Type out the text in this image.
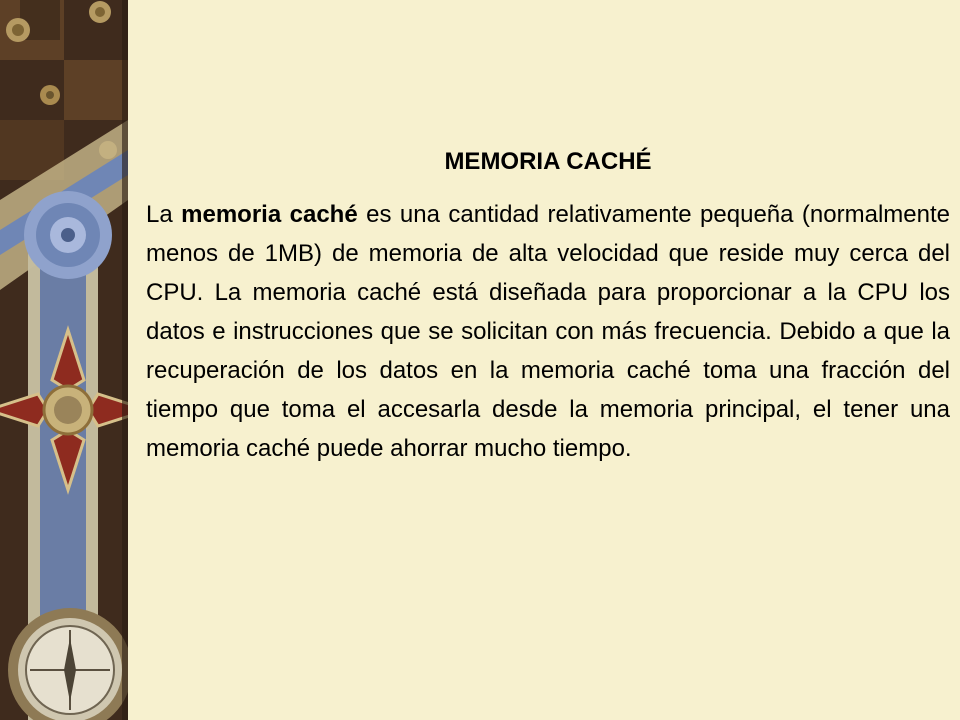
MEMORIA CACHÉ

La memoria caché es una cantidad relativamente pequeña (normalmente menos de 1MB) de memoria de alta velocidad que reside muy cerca del CPU. La memoria caché está diseñada para proporcionar a la CPU los datos e instrucciones que se solicitan con más frecuencia. Debido a que la recuperación de los datos en la memoria caché toma una fracción del tiempo que toma el accesarla desde la memoria principal, el tener una memoria caché puede ahorrar mucho tiempo.
